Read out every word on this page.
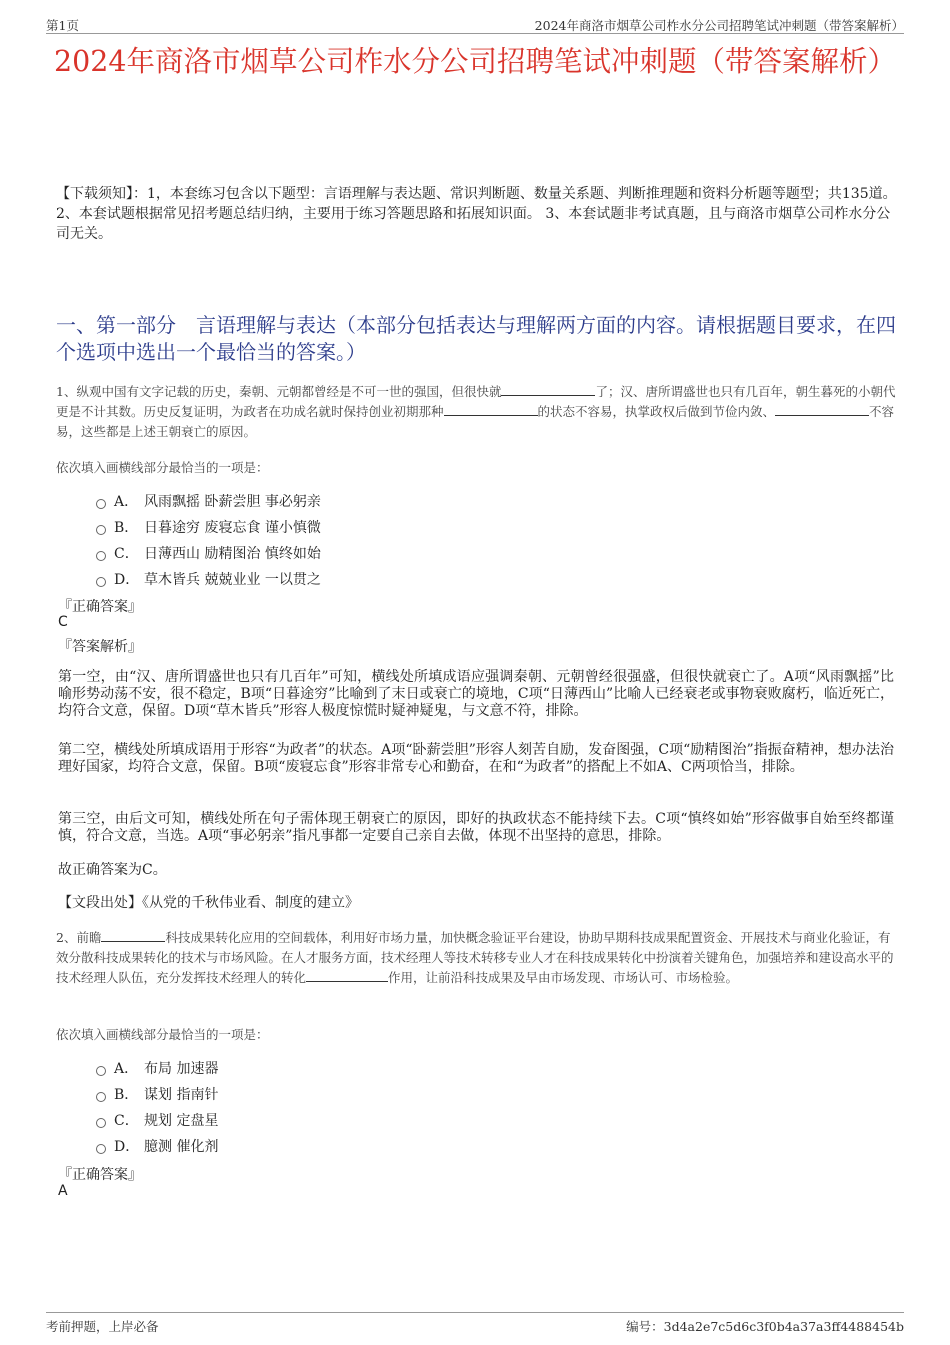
第1页	2024年商洛市烟草公司柞水分公司招聘笔试冲刺题（带答案解析）
2024年商洛市烟草公司柞水分公司招聘笔试冲刺题（带答案解析）
【下载须知】：1，本套练习包含以下题型：言语理解与表达题、常识判断题、数量关系题、判断推理题和资料分析题等题型；共135道。 2、本套试题根据常见招考题总结归纳，主要用于练习答题思路和拓展知识面。 3、本套试题非考试真题，且与商洛市烟草公司柞水分公司无关。
一、第一部分　言语理解与表达（本部分包括表达与理解两方面的内容。请根据题目要求，在四个选项中选出一个最恰当的答案。）
1、纵观中国有文字记载的历史，秦朝、元朝都曾经是不可一世的强国，但很快就	了；汉、唐所谓盛世也只有几百年，朝生暮死的小朝代更是不计其数。历史反复证明，为政者在功成名就时保持创业初期那种	的状态不容易，执掌政权后做到节俭内敛、	不容易，这些都是上述王朝衰亡的原因。
依次填入画横线部分最恰当的一项是：
A． 风雨飘摇 卧薪尝胆 事必躬亲
B． 日暮途穷 废寝忘食 谨小慎微
C． 日薄西山 励精图治 慎终如始
D． 草木皆兵 兢兢业业 一以贯之
『正确答案』
C
『答案解析』
第一空，由“汉、唐所谓盛世也只有几百年”可知，横线处所填成语应强调秦朝、元朝曾经很强盛，但很快就衰亡了。A项“风雨飘摇”比喻形势动荡不安，很不稳定，B项“日暮途穷”比喻到了末日或衰亡的境地，C项“日薄西山”比喻人已经衰老或事物衰败腐朽，临近死亡，均符合文意，保留。D项“草木皆兵”形容人极度惊慌时疑神疑鬼，与文意不符，排除。
第二空，横线处所填成语用于形容“为政者”的状态。A项“卧薪尝胆”形容人刻苦自励，发奋图强，C项“励精图治”指振奋精神，想办法治理好国家，均符合文意，保留。B项“废寝忘食”形容非常专心和勤奋，在和“为政者”的搭配上不如A、C两项恰当，排除。
第三空，由后文可知，横线处所在句子需体现王朝衰亡的原因，即好的执政状态不能持续下去。C项“慎终如始”形容做事自始至终都谨慎，符合文意，当选。A项“事必躬亲”指凡事都一定要自己亲自去做，体现不出坚持的意思，排除。
故正确答案为C。
【文段出处】《从党的千秋伟业看、制度的建立》
2、前瞻	科技成果转化应用的空间载体，利用好市场力量，加快概念验证平台建设，协助早期科技成果配置资金、开展技术与商业化验证，有效分散科技成果转化的技术与市场风险。在人才服务方面，技术经理人等技术转移专业人才在科技成果转化中扮演着关键角色，加强培养和建设高水平的技术经理人队伍，充分发挥技术经理人的转化	作用，让前沿科技成果及早由市场发现、市场认可、市场检验。
依次填入画横线部分最恰当的一项是：
A． 布局 加速器
B． 谋划 指南针
C． 规划 定盘星
D． 臆测 催化剂
『正确答案』
A
考前押题，上岸必备	编号：3d4a2e7c5d6c3f0b4a37a3ff4488454b
